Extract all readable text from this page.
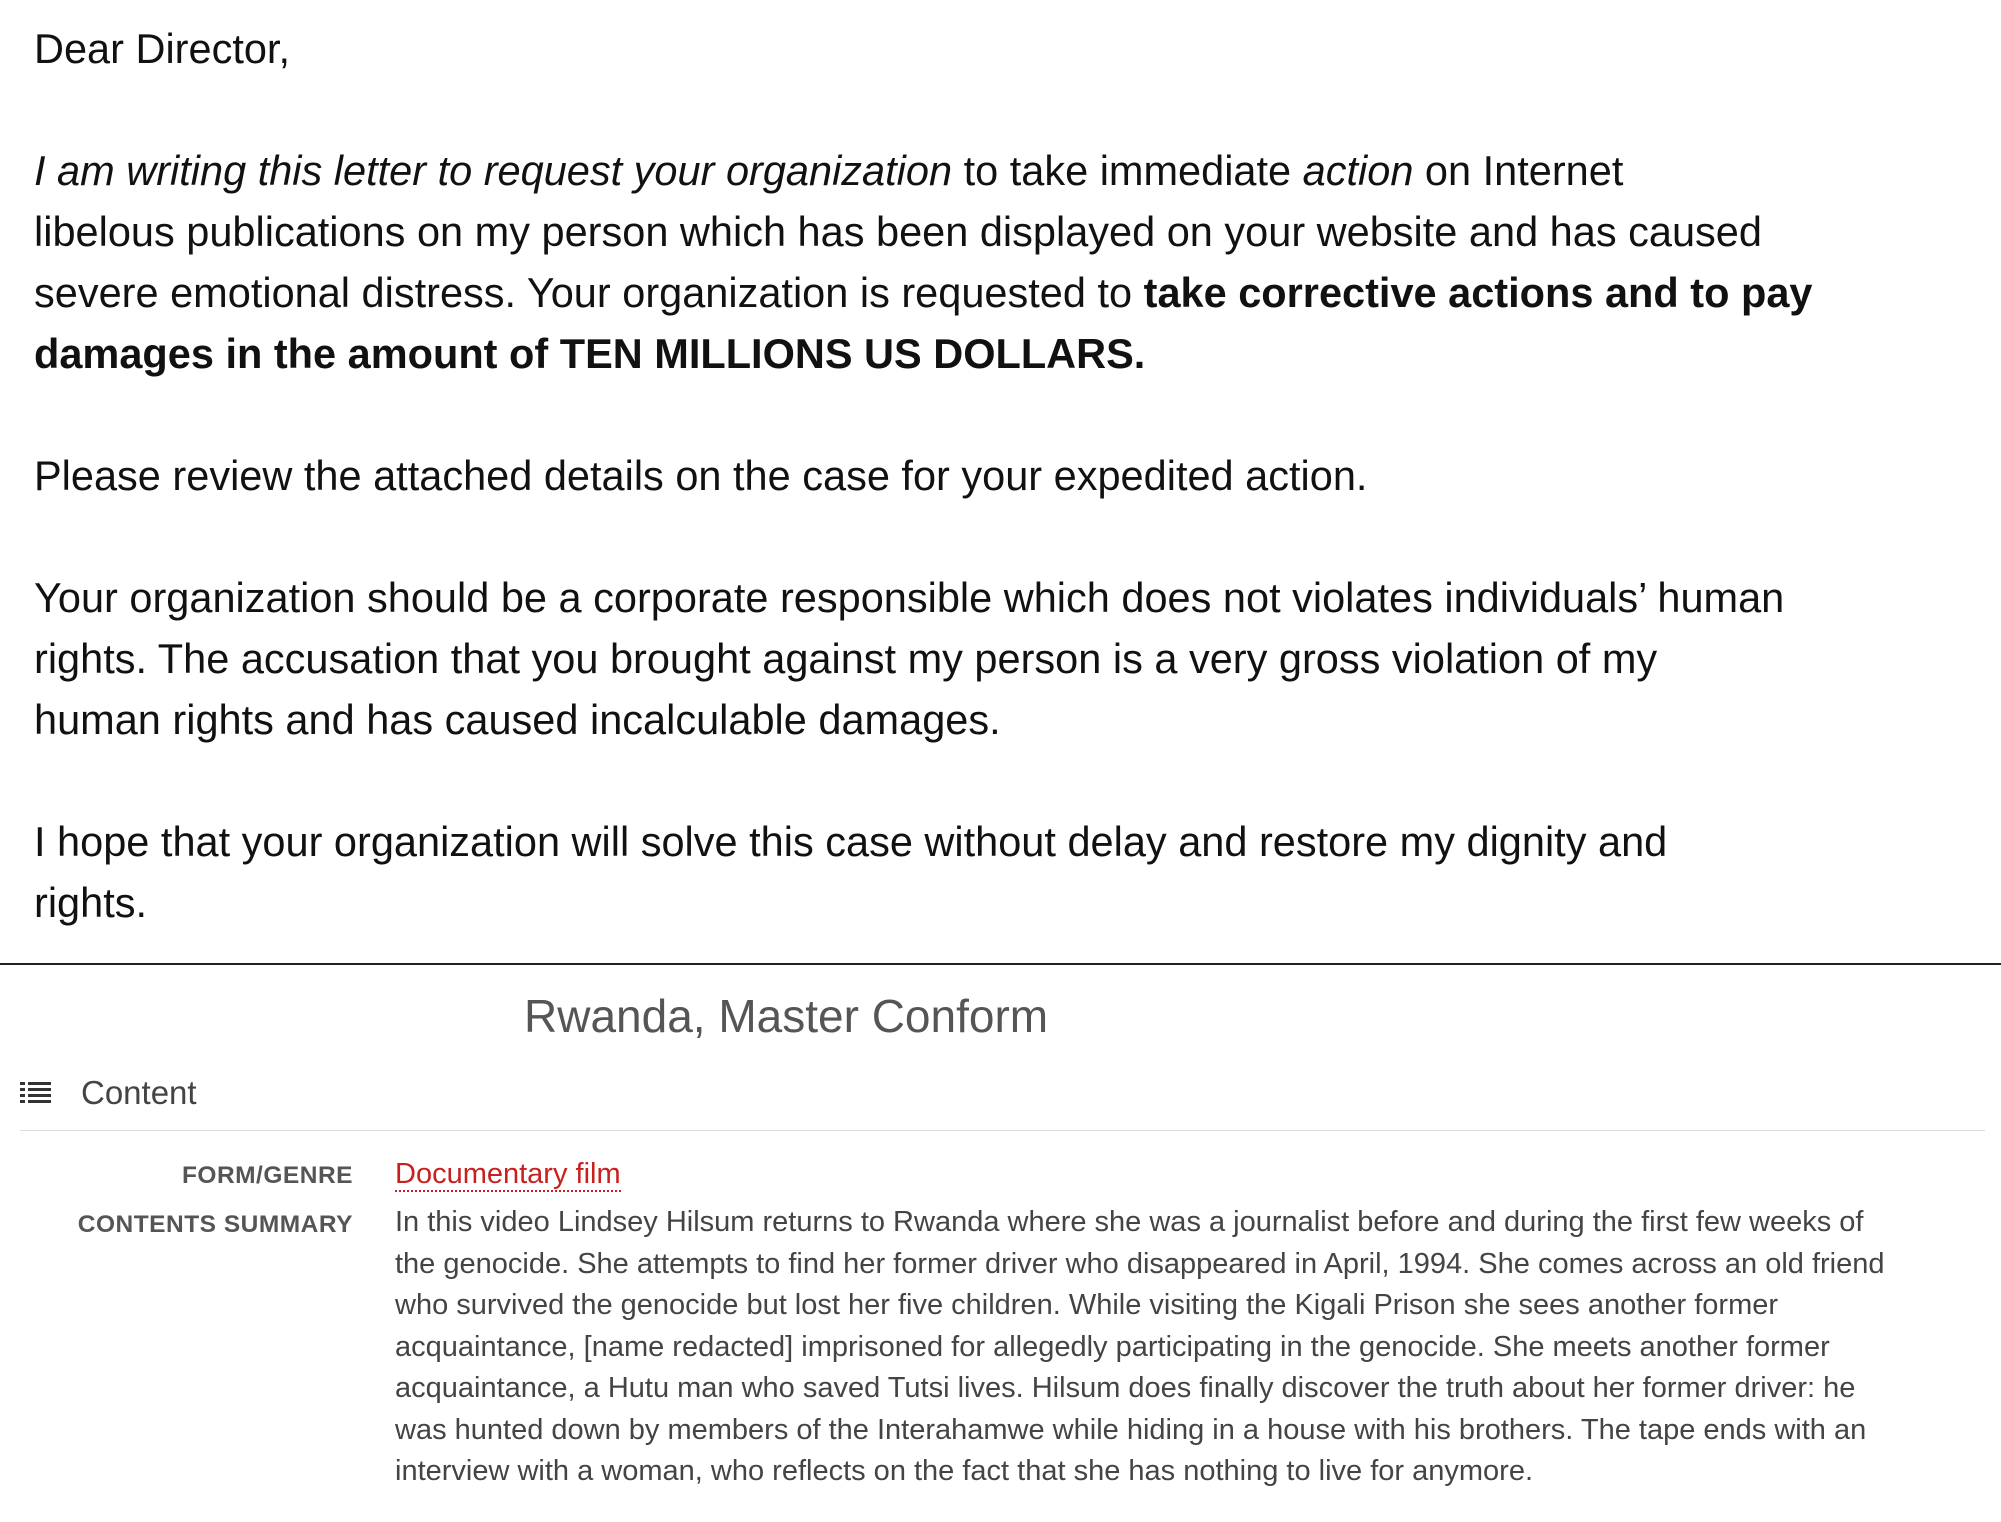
Dear Director,

I am writing this letter to request your organization to take immediate action on Internet
libelous publications on my person which has been displayed on your website and has caused
severe emotional distress. Your organization is requested to take corrective actions and to pay
damages in the amount of TEN MILLIONS US DOLLARS.

Please review the attached details on the case for your expedited action.

Your organization should be a corporate responsible which does not violates individuals’ human
rights. The accusation that you brought against my person is a very gross violation of my
human rights and has caused incalculable damages.

I hope that your organization will solve this case without delay and restore my dignity and
rights.

Rwanda, Master Conform
Content
FORM/GENRE Documentary film
CONTENTS SUMMARY In this video Lindsey Hilsum returns to Rwanda where she was a journalist before and during the first few weeks of
the genocide. She attempts to find her former driver who disappeared in April, 1994. She comes across an old friend
who survived the genocide but lost her five children. While visiting the Kigali Prison she sees another former
acquaintance, [name redacted] imprisoned for allegedly participating in the genocide. She meets another former
acquaintance, a Hutu man who saved Tutsi lives. Hilsum does finally discover the truth about her former driver: he
was hunted down by members of the Interahamwe while hiding in a house with his brothers. The tape ends with an
interview with a woman, who reflects on the fact that she has nothing to live for anymore.
